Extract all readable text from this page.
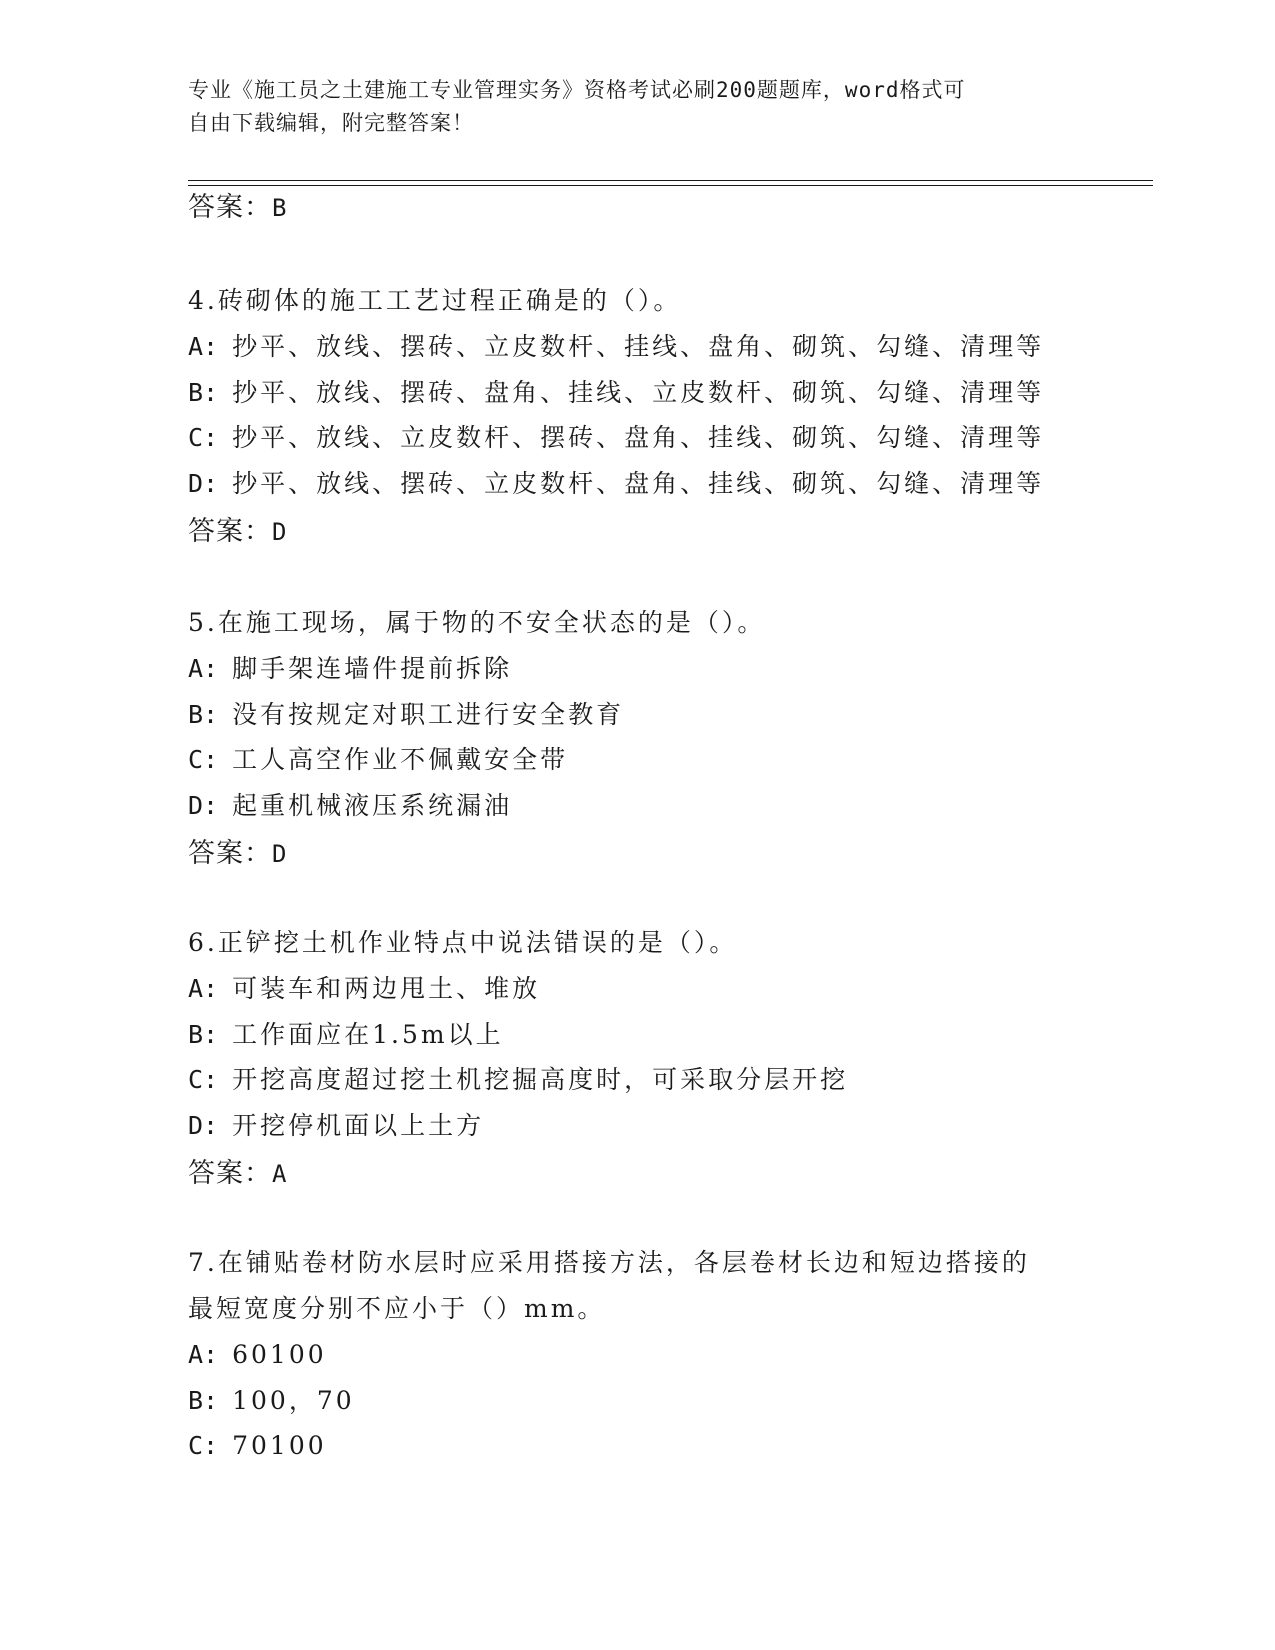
专业《施工员之土建施工专业管理实务》资格考试必刷200题题库，word格式可
自由下载编辑，附完整答案！
答案：B
4.砖砌体的施工工艺过程正确是的（）。
A: 抄平、放线、摆砖、立皮数杆、挂线、盘角、砌筑、勾缝、清理等
B: 抄平、放线、摆砖、盘角、挂线、立皮数杆、砌筑、勾缝、清理等
C: 抄平、放线、立皮数杆、摆砖、盘角、挂线、砌筑、勾缝、清理等
D: 抄平、放线、摆砖、立皮数杆、盘角、挂线、砌筑、勾缝、清理等
答案：D
5.在施工现场，属于物的不安全状态的是（）。
A: 脚手架连墙件提前拆除
B: 没有按规定对职工进行安全教育
C: 工人高空作业不佩戴安全带
D: 起重机械液压系统漏油
答案：D
6.正铲挖土机作业特点中说法错误的是（）。
A: 可装车和两边甩土、堆放
B: 工作面应在1.5m以上
C: 开挖高度超过挖土机挖掘高度时，可采取分层开挖
D: 开挖停机面以上土方
答案：A
7.在铺贴卷材防水层时应采用搭接方法，各层卷材长边和短边搭接的
最短宽度分别不应小于（）mm。
A: 60100
B: 100，70
C: 70100
